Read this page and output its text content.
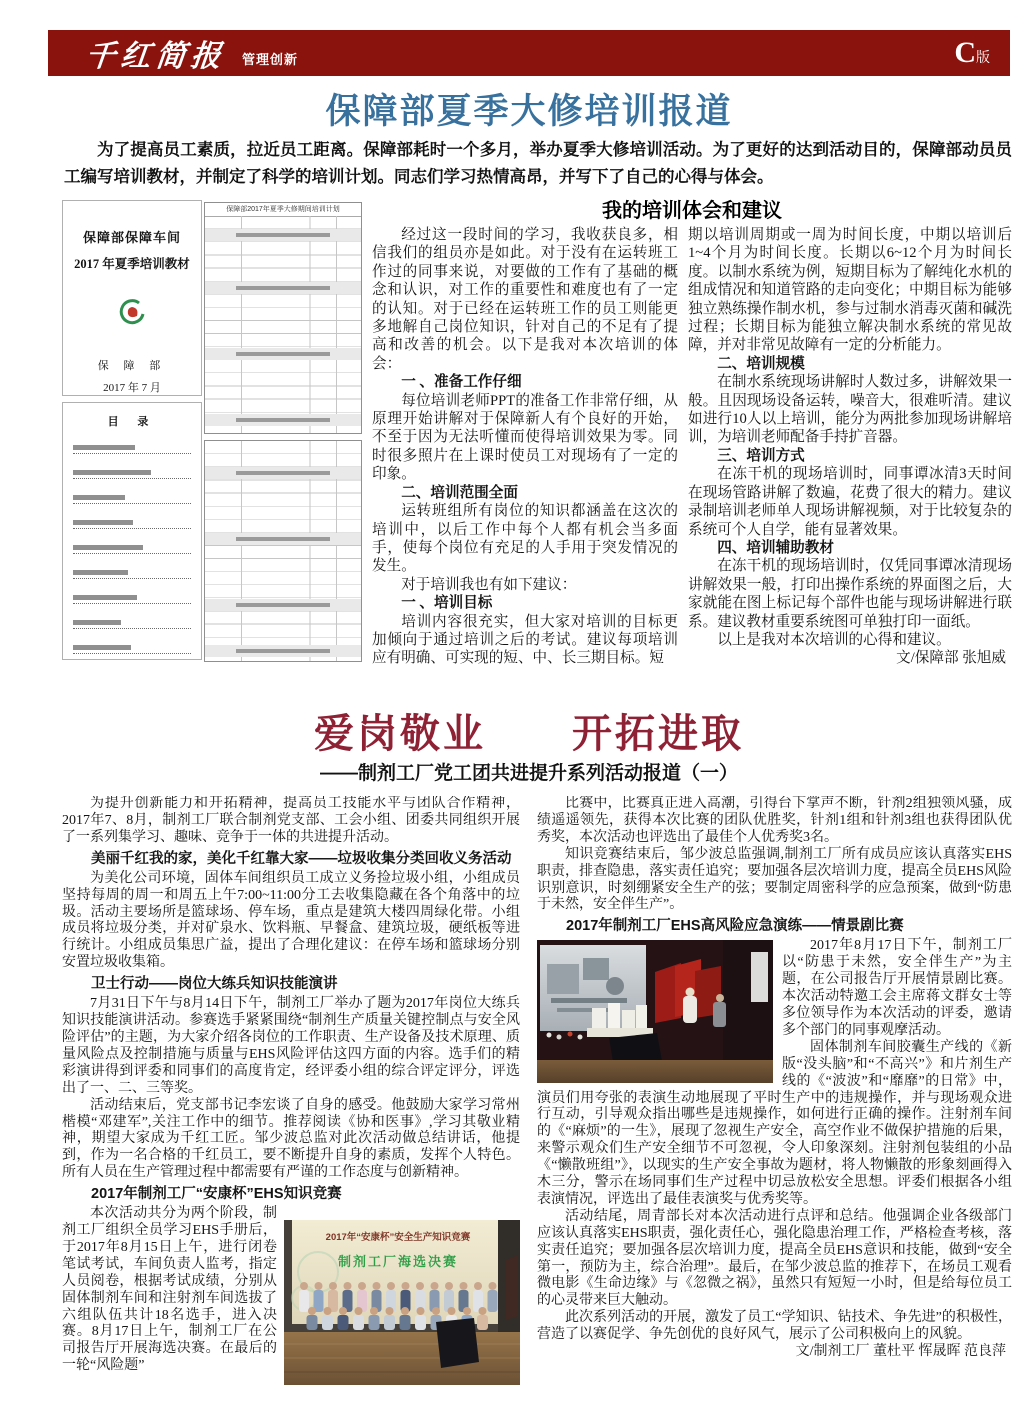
千红简报 管理创新	C版
保障部夏季大修培训报道
为了提高员工素质，拉近员工距离。保障部耗时一个多月，举办夏季大修培训活动。为了更好的达到活动目的，保障部动员员工编写培训教材，并制定了科学的培训计划。同志们学习热情高昂，并写下了自己的心得与体会。
保障部保障车间
2017 年夏季培训教材
保 障 部
2017 年 7 月
保障部2017年夏季大修期间培训计划
目 录
我的培训体会和建议

经过这一段时间的学习，我收获良多，相信我们的组员亦是如此。对于没有在运转班工作过的同事来说，对要做的工作有了基础的概念和认识，对工作的重要性和难度也有了一定的认知。对于已经在运转班工作的员工则能更多地解自己岗位知识，针对自己的不足有了提高和改善的机会。以下是我对本次培训的体会：

一 、准备工作仔细

每位培训老师PPT的准备工作非常仔细，从原理开始讲解对于保障新人有个良好的开始，不至于因为无法听懂而使得培训效果为零。同时很多照片在上课时使员工对现场有了一定的印象。

二、培训范围全面

运转班组所有岗位的知识都涵盖在这次的培训中，以后工作中每个人都有机会当多面手，使每个岗位有充足的人手用于突发情况的发生。

对于培训我也有如下建议：

一 、培训目标

培训内容很充实，但大家对培训的目标更加倾向于通过培训之后的考试。建议每项培训应有明确、可实现的短、中、长三期目标。短

期以培训周期或一周为时间长度，中期以培训后1~4个月为时间长度。长期以6~12个月为时间长度。以制水系统为例，短期目标为了解纯化水机的组成情况和知道管路的走向变化；中期目标为能够独立熟练操作制水机，参与过制水消毒灭菌和碱洗过程；长期目标为能独立解决制水系统的常见故障，并对非常见故障有一定的分析能力。

二、培训规模

在制水系统现场讲解时人数过多，讲解效果一般。且因现场设备运转，噪音大，很难听清。建议如进行10人以上培训，能分为两批参加现场讲解培训，为培训老师配备手持扩音器。

三、培训方式

在冻干机的现场培训时，同事谭冰清3天时间在现场管路讲解了数遍，花费了很大的精力。建议录制培训老师单人现场讲解视频，对于比较复杂的系统可个人自学，能有显著效果。

四、培训辅助教材

在冻干机的现场培训时，仅凭同事谭冰清现场讲解效果一般，打印出操作系统的界面图之后，大家就能在图上标记每个部件也能与现场讲解进行联系。建议教材重要系统图可单独打印一面纸。

以上是我对本次培训的心得和建议。

文/保障部 张旭威

爱岗敬业　　开拓进取
——制剂工厂党工团共进提升系列活动报道（一）

为提升创新能力和开拓精神，提高员工技能水平与团队合作精神，2017年7、8月，制剂工厂联合制剂党支部、工会小组、团委共同组织开展了一系列集学习、趣味、竞争于一体的共进提升活动。

美丽千红我的家，美化千红靠大家——垃圾收集分类回收义务活动

为美化公司环境，固体车间组织员工成立义务捡垃圾小组，小组成员坚持每周的周一和周五上午7:00~11:00分工去收集隐藏在各个角落中的垃圾。活动主要场所是篮球场、停车场，重点是建筑大楼四周绿化带。小组成员将垃圾分类，并对矿泉水、饮料瓶、早餐盒、建筑垃圾，硬纸板等进行统计。小组成员集思广益，提出了合理化建议：在停车场和篮球场分别安置垃圾收集箱。

卫士行动——岗位大练兵知识技能演讲

7月31日下午与8月14日下午，制剂工厂举办了题为2017年岗位大练兵知识技能演讲活动。参赛选手紧紧围绕“制剂生产质量关键控制点与安全风险评估”的主题，为大家介绍各岗位的工作职责、生产设备及技术原理、质量风险点及控制措施与质量与EHS风险评估这四方面的内容。选手们的精彩演讲得到评委和同事们的高度肯定，经评委小组的综合评定评分，评选出了一、二、三等奖。

活动结束后，党支部书记李宏谈了自身的感受。他鼓励大家学习常州楷模“邓建军”,关注工作中的细节。推荐阅读《协和医事》,学习其敬业精神，期望大家成为千红工匠。邹少波总监对此次活动做总结讲话，他提到，作为一名合格的千红员工，要不断提升自身的素质，发挥个人特色。所有人员在生产管理过程中都需要有严谨的工作态度与创新精神。

2017年制剂工厂“安康杯”EHS知识竞赛

2017年“安康杯”安全生产知识竞赛
制剂工厂海选决赛

本次活动共分为两个阶段，制剂工厂组织全员学习EHS手册后，于2017年8月15日上午，进行闭卷笔试考试，车间负责人监考，指定人员阅卷，根据考试成绩，分别从固体制剂车间和注射剂车间选拔了六组队伍共计18名选手，进入决赛。8月17日上午，制剂工厂在公司报告厅开展海选决赛。在最后的一轮“风险题”

比赛中，比赛真正进入高潮，引得台下掌声不断，针剂2组独领风骚，成绩遥遥领先，获得本次比赛的团队优胜奖，针剂1组和针剂3组也获得团队优秀奖，本次活动也评选出了最佳个人优秀奖3名。

知识竞赛结束后，邹少波总监强调,制剂工厂所有成员应该认真落实EHS职责，排查隐患，落实责任追究；要加强各层次培训力度，提高全员EHS风险识别意识，时刻绷紧安全生产的弦；要制定周密科学的应急预案，做到“防患于未然，安全伴生产”。

2017年制剂工厂EHS高风险应急演练——情景剧比赛

2017年8月17日下午，制剂工厂以“防患于未然，安全伴生产”为主题，在公司报告厅开展情景剧比赛。本次活动特邀工会主席蒋文群女士等多位领导作为本次活动的评委，邀请多个部门的同事观摩活动。

固体制剂车间胶囊生产线的《新版“没头脑”和“不高兴”》和片剂生产线的《“波波”和“靡靡”的日常》中，演员们用夸张的表演生动地展现了平时生产中的违规操作，并与现场观众进行互动，引导观众指出哪些是违规操作，如何进行正确的操作。注射剂车间的《“麻烦”的一生》，展现了忽视生产安全，高空作业不做保护措施的后果，来警示观众们生产安全细节不可忽视，令人印象深刻。注射剂包装组的小品《“懒散班组”》，以现实的生产安全事故为题材，将人物懒散的形象刻画得入木三分，警示在场同事们生产过程中切忌放松安全思想。评委们根据各小组表演情况，评选出了最佳表演奖与优秀奖等。

活动结尾，周青部长对本次活动进行点评和总结。他强调企业各级部门应该认真落实EHS职责，强化责任心，强化隐患治理工作，严格检查考核，落实责任追究；要加强各层次培训力度，提高全员EHS意识和技能，做到“安全第一，预防为主，综合治理”。最后，在邹少波总监的推荐下，在场员工观看微电影《生命边缘》与《忽微之祸》，虽然只有短短一小时，但是给每位员工的心灵带来巨大触动。

此次系列活动的开展，激发了员工“学知识、钻技术、争先进”的积极性，营造了以赛促学、争先创优的良好风气，展示了公司积极向上的风貌。

文/制剂工厂 董杜平 恽晟晖 范良萍
